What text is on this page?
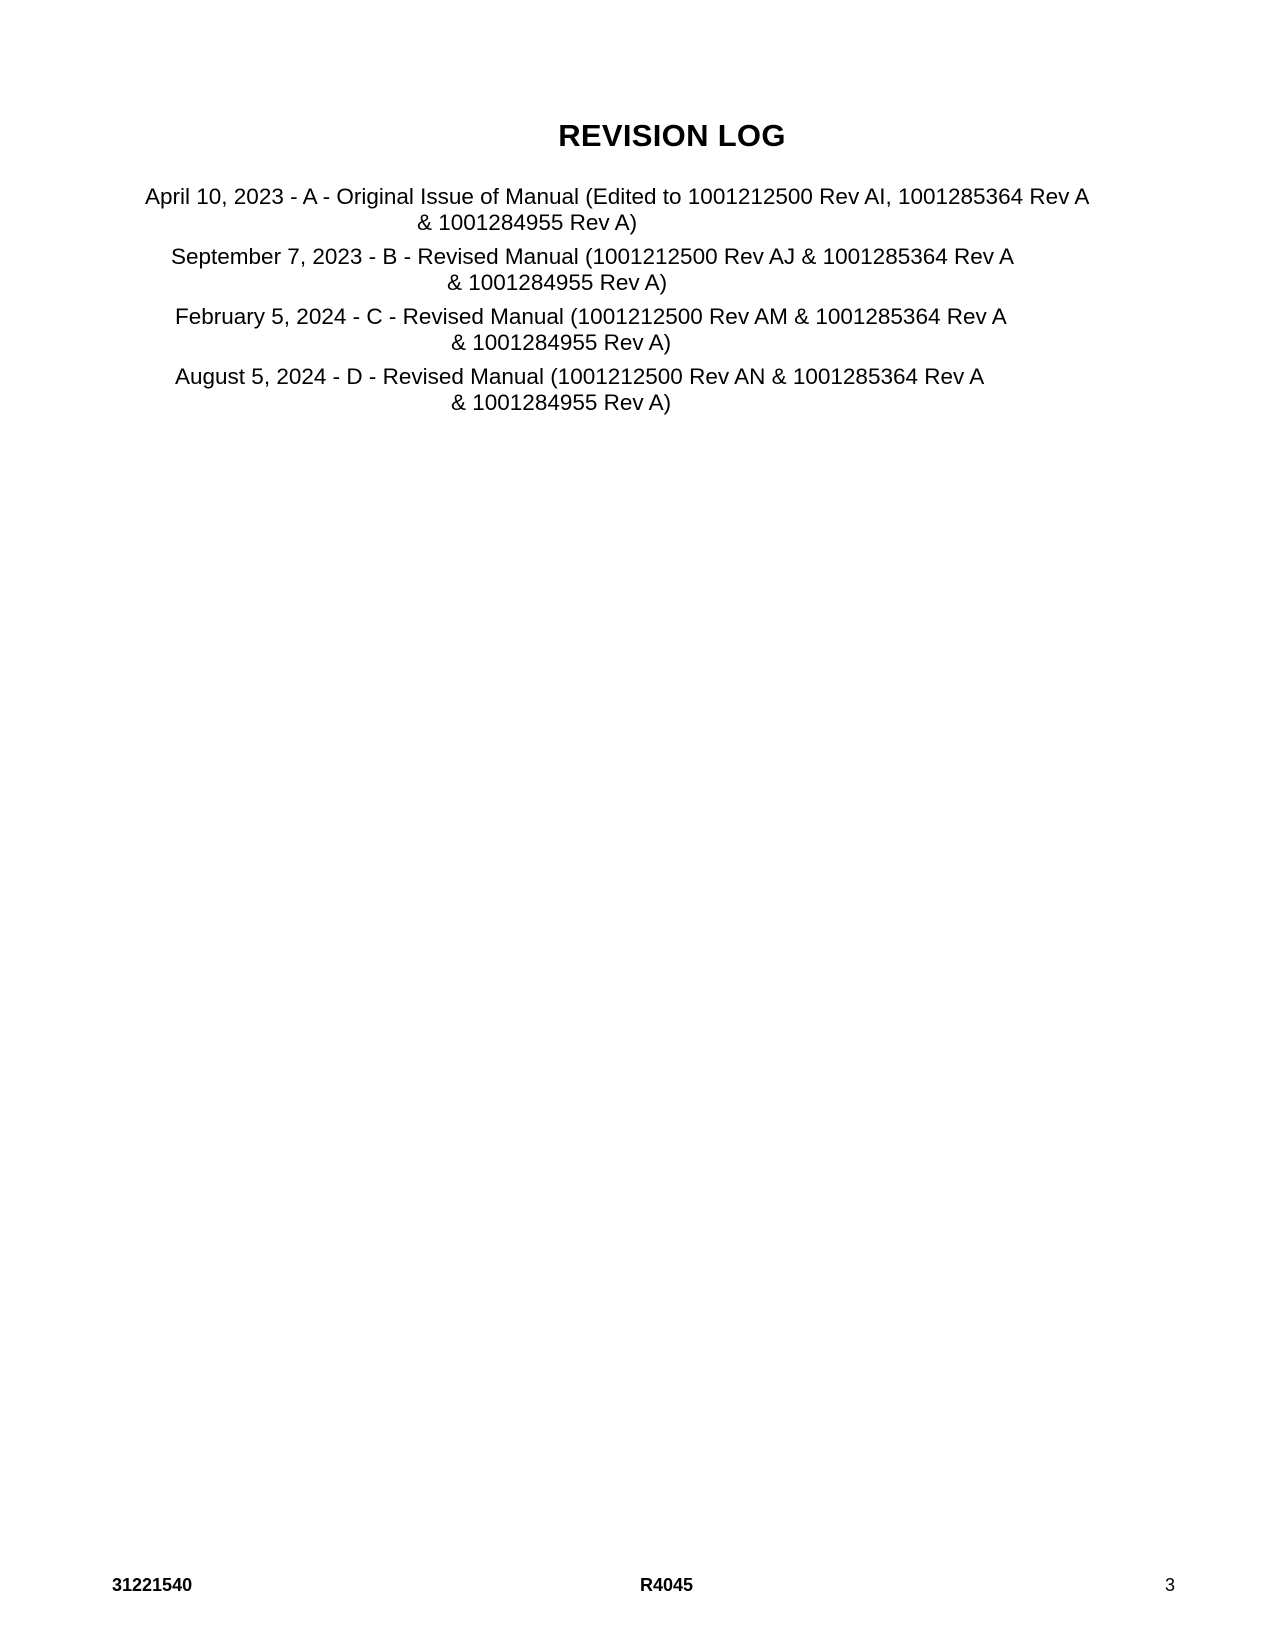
REVISION LOG
April 10, 2023 - A - Original Issue of Manual (Edited to 1001212500 Rev AI, 1001285364 Rev A
& 1001284955 Rev A)
September 7, 2023 - B - Revised Manual (1001212500 Rev AJ & 1001285364 Rev A
& 1001284955 Rev A)
February 5, 2024 - C - Revised Manual (1001212500 Rev AM & 1001285364 Rev A
& 1001284955 Rev A)
August 5, 2024 - D - Revised Manual (1001212500 Rev AN & 1001285364 Rev A
& 1001284955 Rev A)
31221540	R4045	3
